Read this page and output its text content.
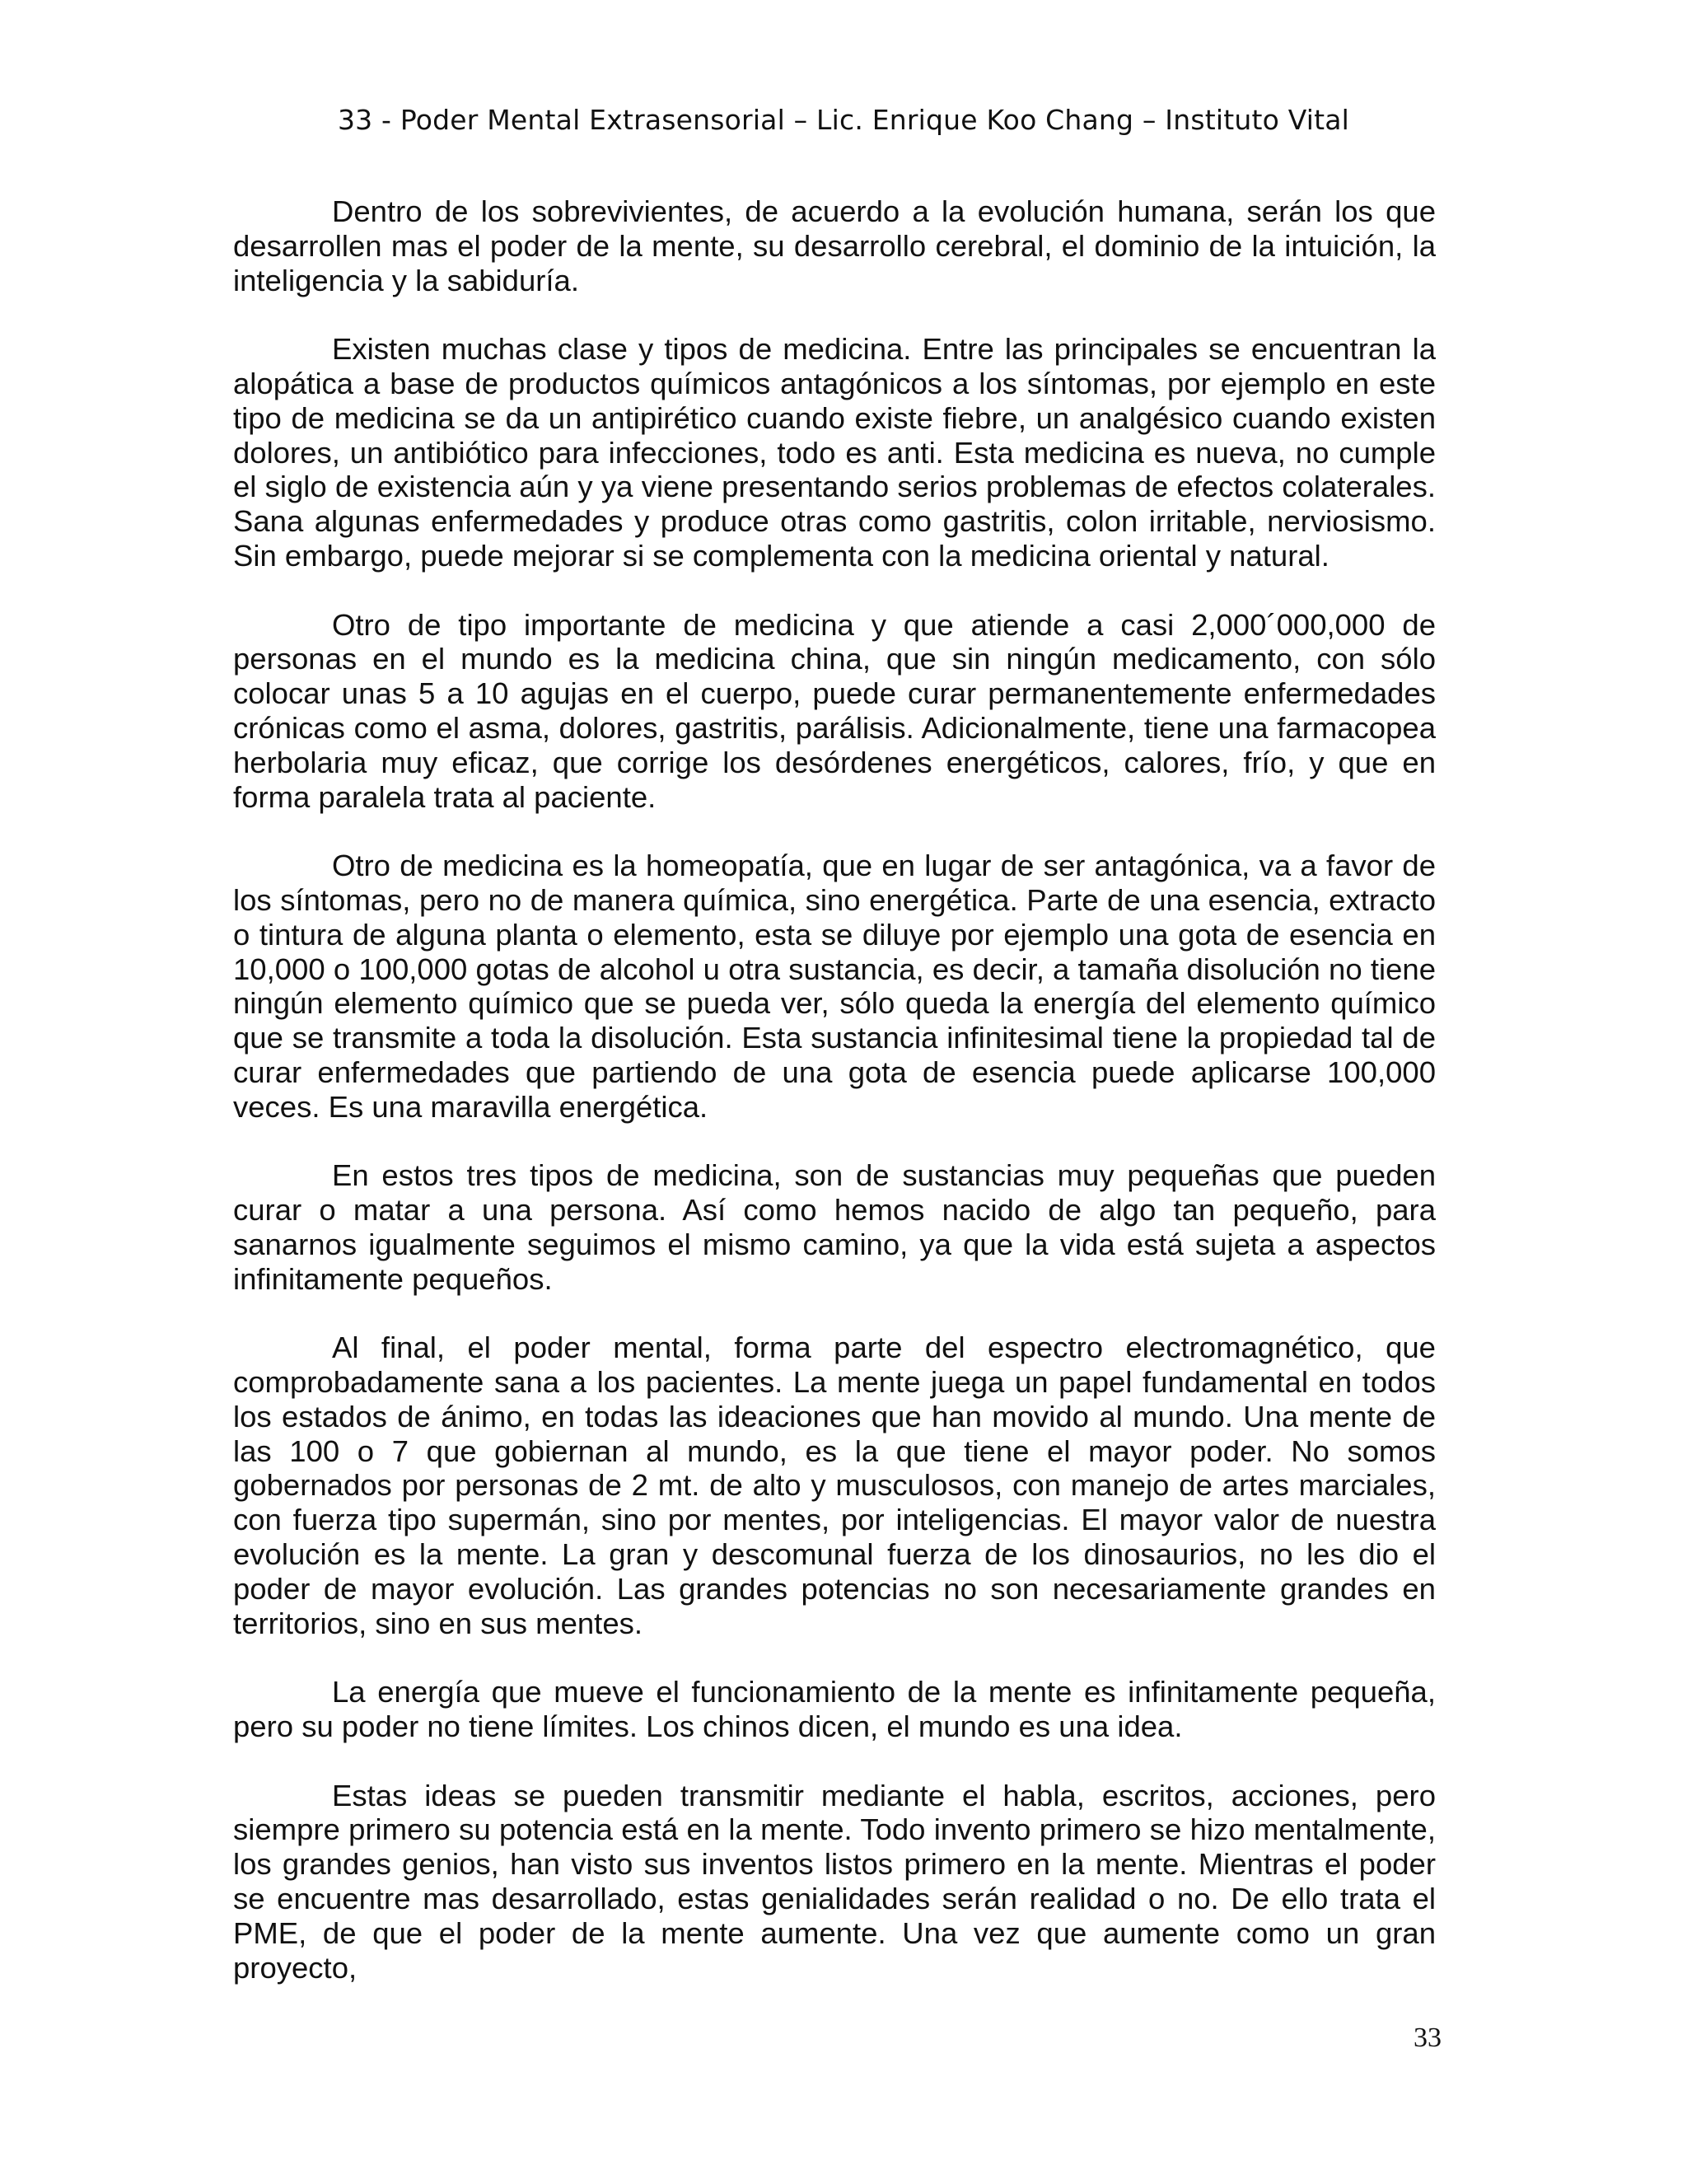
33 - Poder Mental Extrasensorial – Lic. Enrique Koo Chang – Instituto Vital

Dentro de los sobrevivientes, de acuerdo a la evolución humana, serán los que desarrollen mas el poder de la mente, su desarrollo cerebral, el dominio de la intuición, la inteligencia y la sabiduría.

Existen muchas clase y tipos de medicina. Entre las principales se encuentran la alopática a base de productos químicos antagónicos a los síntomas, por ejemplo en este tipo de medicina se da un antipirético cuando existe fiebre, un analgésico cuando existen dolores, un antibiótico para infecciones, todo es anti. Esta medicina es nueva, no cumple el siglo de existencia aún y ya viene presentando serios problemas de efectos colaterales. Sana algunas enfermedades y produce otras como gastritis, colon irritable, nerviosismo. Sin embargo, puede mejorar si se complementa con la medicina oriental y natural.

Otro de tipo importante de medicina y que atiende a casi 2,000´000,000 de personas en el mundo es la medicina china, que sin ningún medicamento, con sólo colocar unas 5 a 10 agujas en el cuerpo, puede curar permanentemente enfermedades crónicas como el asma, dolores, gastritis, parálisis. Adicionalmente, tiene una farmacopea herbolaria muy eficaz, que corrige los desórdenes energéticos, calores, frío, y que en forma paralela trata al paciente.

Otro de medicina es la homeopatía, que en lugar de ser antagónica, va a favor de los síntomas, pero no de manera química, sino energética. Parte de una esencia, extracto o tintura de alguna planta o elemento, esta se diluye por ejemplo una gota de esencia en 10,000 o 100,000 gotas de alcohol u otra sustancia, es decir, a tamaña disolución no tiene ningún elemento químico que se pueda ver, sólo queda la energía del elemento químico que se transmite a toda la disolución. Esta sustancia infinitesimal tiene la propiedad tal de curar enfermedades que partiendo de una gota de esencia puede aplicarse 100,000 veces. Es una maravilla energética.

En estos tres tipos de medicina, son de sustancias muy pequeñas que pueden curar o matar a una persona. Así como hemos nacido de algo tan pequeño, para sanarnos igualmente seguimos el mismo camino, ya que la vida está sujeta a aspectos infinitamente pequeños.

Al final, el poder mental, forma parte del espectro electromagnético, que comprobadamente sana a los pacientes. La mente juega un papel fundamental en todos los estados de ánimo, en todas las ideaciones que han movido al mundo. Una mente de las 100 o 7 que gobiernan al mundo, es la que tiene el mayor poder. No somos gobernados por personas de 2 mt. de alto y musculosos, con manejo de artes marciales, con fuerza tipo supermán, sino por mentes, por inteligencias. El mayor valor de nuestra evolución es la mente. La gran y descomunal fuerza de los dinosaurios, no les dio el poder de mayor evolución. Las grandes potencias no son necesariamente grandes en territorios, sino en sus mentes.

La energía que mueve el funcionamiento de la mente es infinitamente pequeña, pero su poder no tiene límites. Los chinos dicen, el mundo es una idea.

Estas ideas se pueden transmitir mediante el habla, escritos, acciones, pero siempre primero su potencia está en la mente. Todo invento primero se hizo mentalmente, los grandes genios, han visto sus inventos listos primero en la mente. Mientras el poder se encuentre mas desarrollado, estas genialidades serán realidad o no. De ello trata el PME, de que el poder de la mente aumente. Una vez que aumente como un gran proyecto,

33
